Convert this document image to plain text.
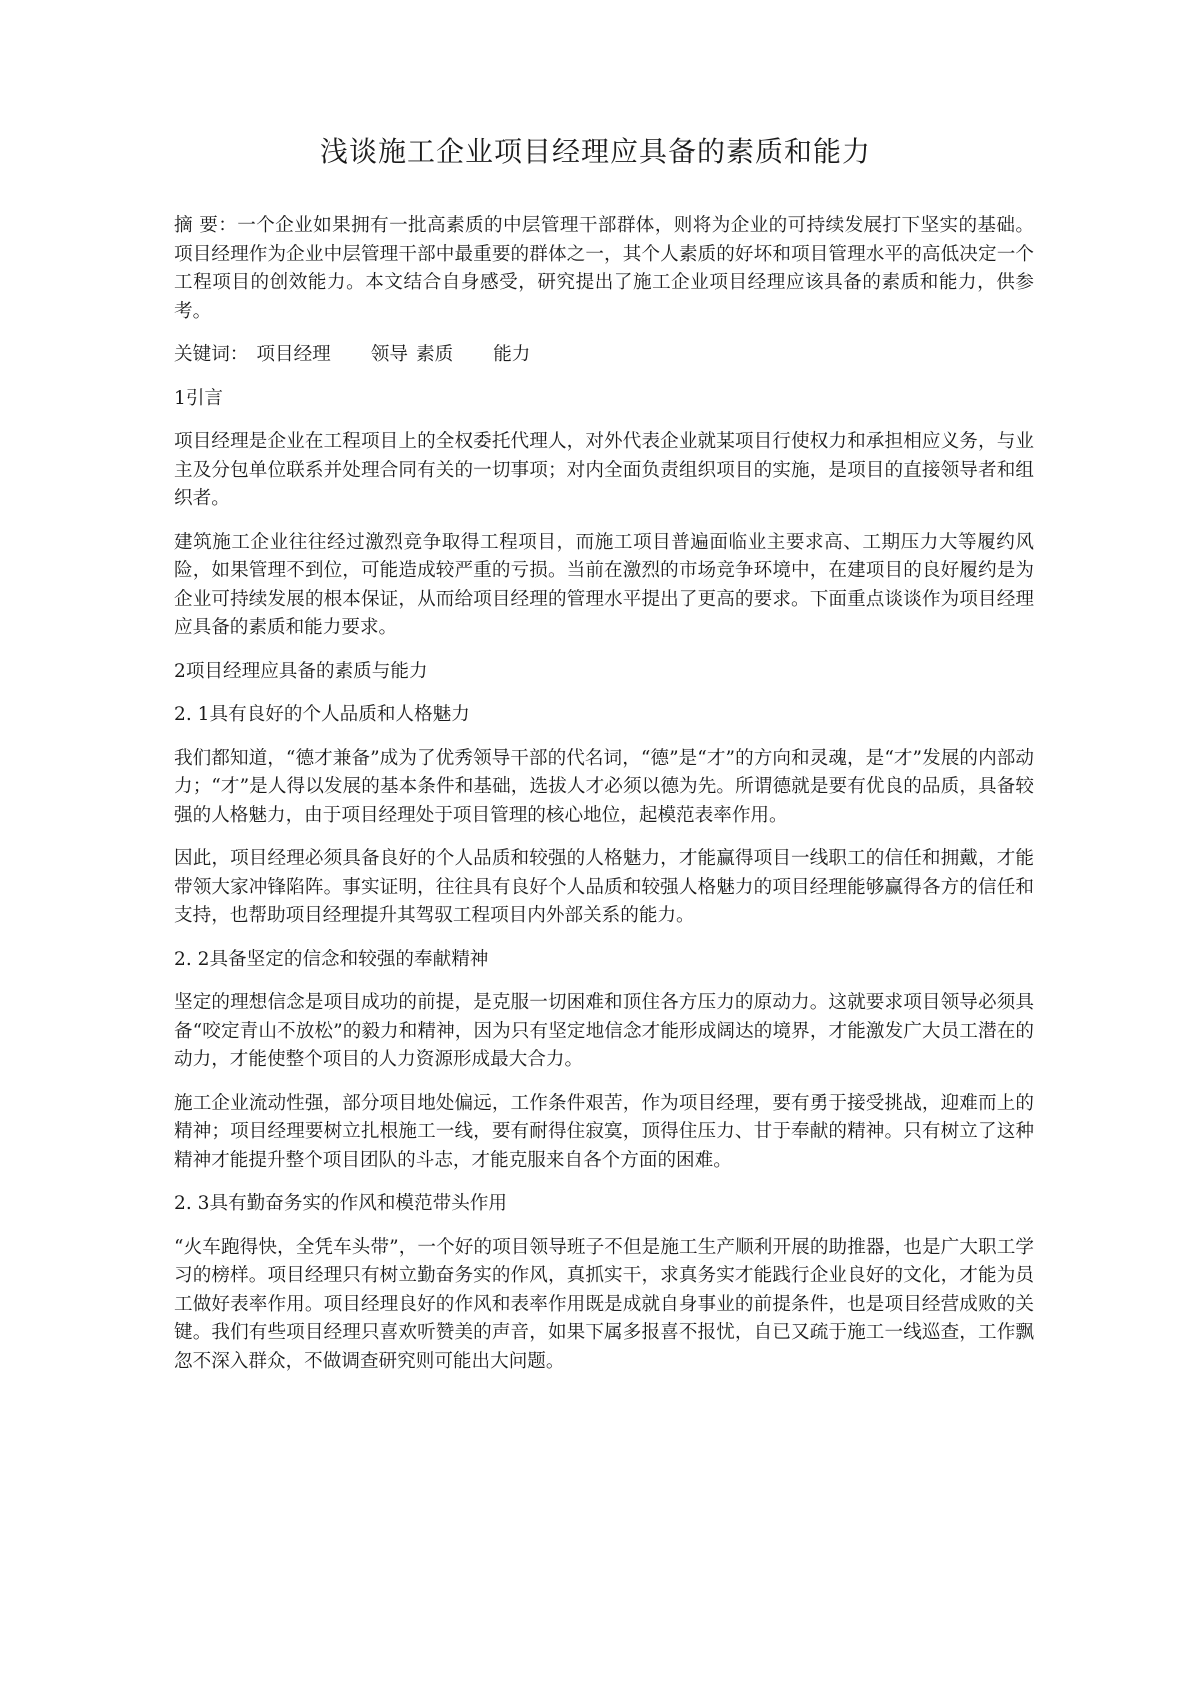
浅谈施工企业项目经理应具备的素质和能力

摘 要：一个企业如果拥有一批高素质的中层管理干部群体，则将为企业的可持续发展打下坚实的基础。项目经理作为企业中层管理干部中最重要的群体之一，其个人素质的好坏和项目管理水平的高低决定一个工程项目的创效能力。本文结合自身感受，研究提出了施工企业项目经理应该具备的素质和能力，供参考。

关键词： 项目经理 领导 素质 能力

1引言

项目经理是企业在工程项目上的全权委托代理人，对外代表企业就某项目行使权力和承担相应义务，与业主及分包单位联系并处理合同有关的一切事项；对内全面负责组织项目的实施，是项目的直接领导者和组织者。

建筑施工企业往往经过激烈竞争取得工程项目，而施工项目普遍面临业主要求高、工期压力大等履约风险，如果管理不到位，可能造成较严重的亏损。当前在激烈的市场竞争环境中，在建项目的良好履约是为企业可持续发展的根本保证，从而给项目经理的管理水平提出了更高的要求。下面重点谈谈作为项目经理应具备的素质和能力要求。

2项目经理应具备的素质与能力

2. 1具有良好的个人品质和人格魅力

我们都知道，“德才兼备”成为了优秀领导干部的代名词，“德”是“才”的方向和灵魂，是“才”发展的内部动力；“才”是人得以发展的基本条件和基础，选拔人才必须以德为先。所谓德就是要有优良的品质，具备较强的人格魅力，由于项目经理处于项目管理的核心地位，起模范表率作用。

因此，项目经理必须具备良好的个人品质和较强的人格魅力，才能赢得项目一线职工的信任和拥戴，才能带领大家冲锋陷阵。事实证明，往往具有良好个人品质和较强人格魅力的项目经理能够赢得各方的信任和支持，也帮助项目经理提升其驾驭工程项目内外部关系的能力。

2. 2具备坚定的信念和较强的奉献精神

坚定的理想信念是项目成功的前提，是克服一切困难和顶住各方压力的原动力。这就要求项目领导必须具备“咬定青山不放松”的毅力和精神，因为只有坚定地信念才能形成阔达的境界，才能激发广大员工潜在的动力，才能使整个项目的人力资源形成最大合力。

施工企业流动性强，部分项目地处偏远，工作条件艰苦，作为项目经理，要有勇于接受挑战，迎难而上的精神；项目经理要树立扎根施工一线，要有耐得住寂寞，顶得住压力、甘于奉献的精神。只有树立了这种精神才能提升整个项目团队的斗志，才能克服来自各个方面的困难。

2. 3具有勤奋务实的作风和模范带头作用

“火车跑得快，全凭车头带”，一个好的项目领导班子不但是施工生产顺利开展的助推器，也是广大职工学习的榜样。项目经理只有树立勤奋务实的作风，真抓实干，求真务实才能践行企业良好的文化，才能为员工做好表率作用。项目经理良好的作风和表率作用既是成就自身事业的前提条件，也是项目经营成败的关键。我们有些项目经理只喜欢听赞美的声音，如果下属多报喜不报忧，自已又疏于施工一线巡查，工作飘忽不深入群众，不做调查研究则可能出大问题。
